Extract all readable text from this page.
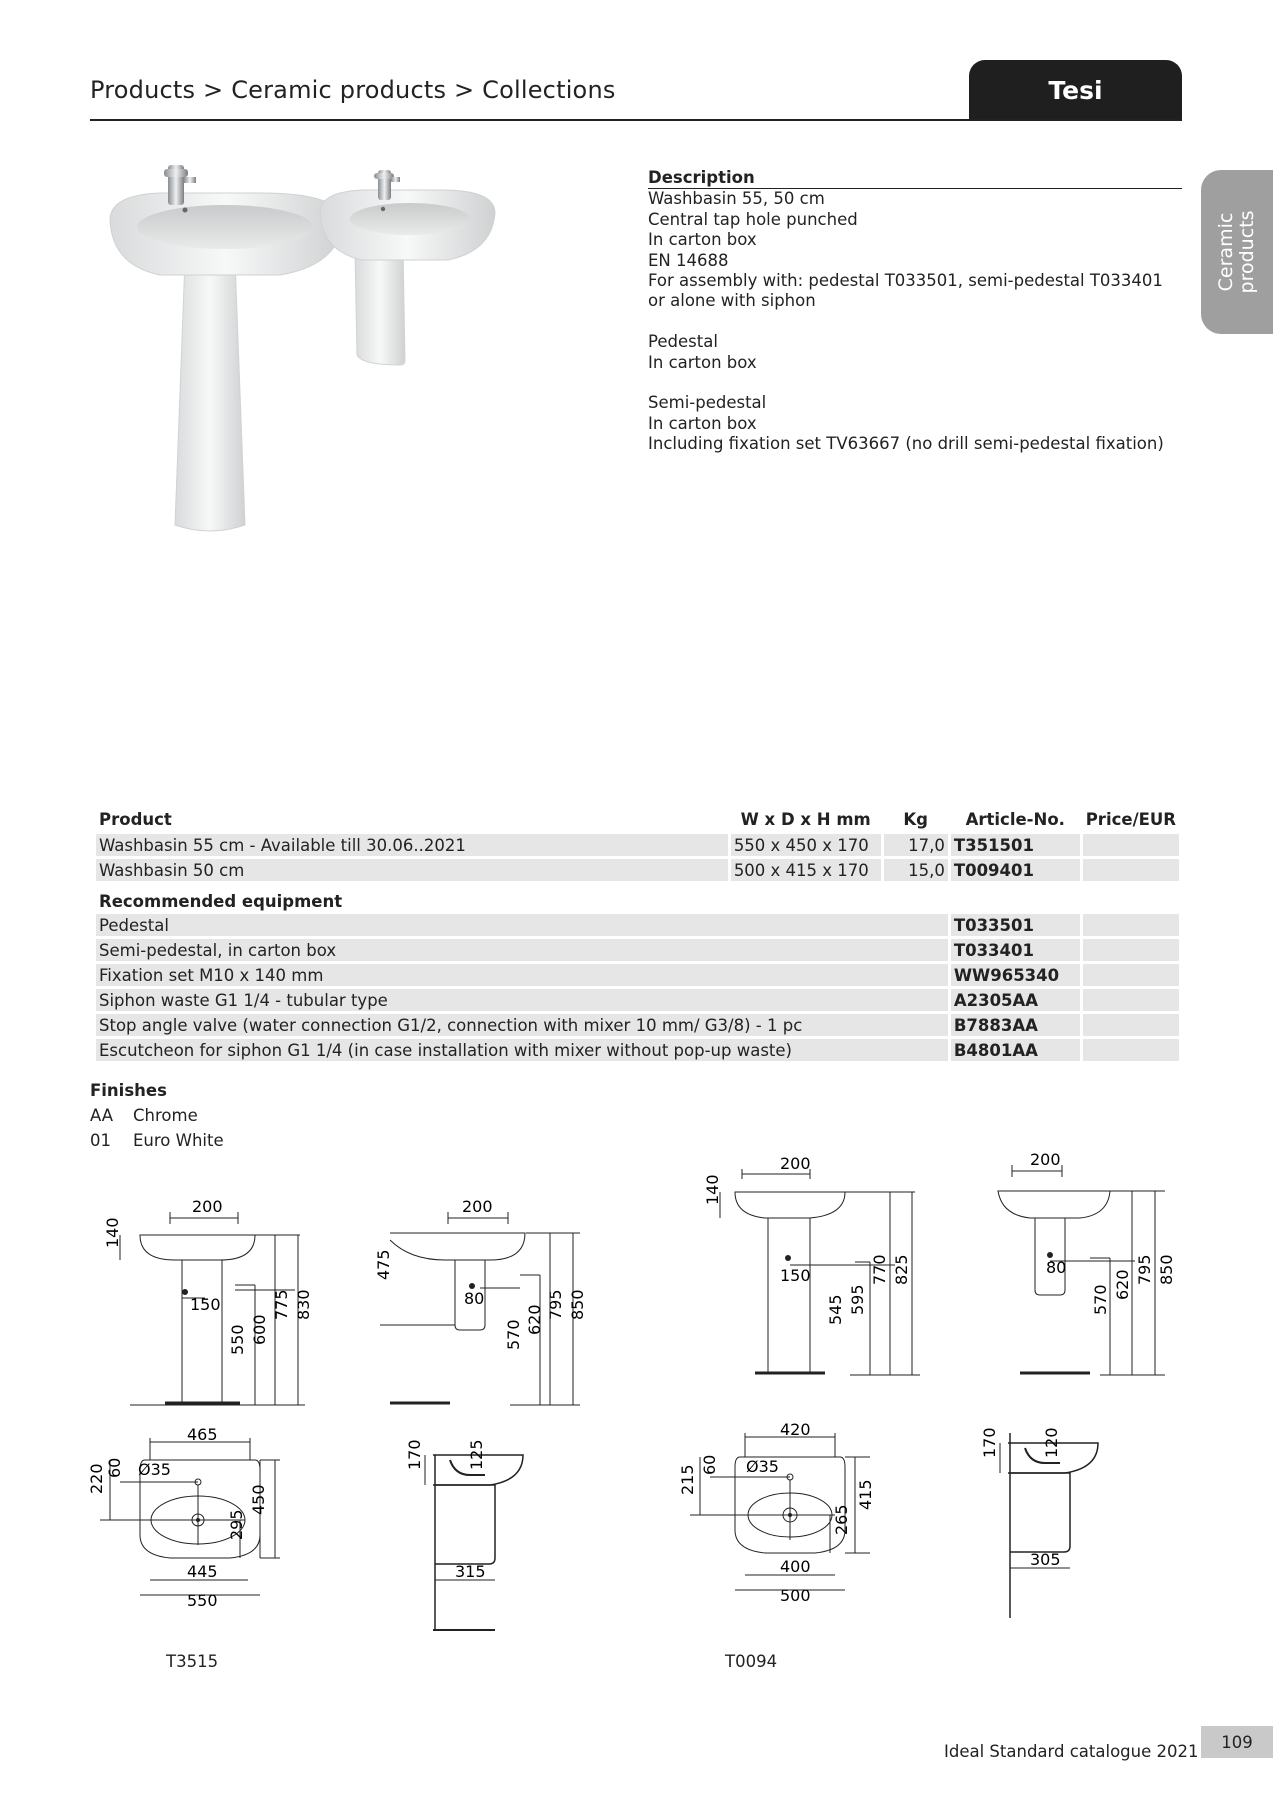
Products > Ceramic products > Collections	Tesi
Ceramic products
Description
Washbasin 55, 50 cm
Central tap hole punched
In carton box
EN 14688
For assembly with: pedestal T033501, semi-pedestal T033401 or alone with siphon
Pedestal
In carton box
Semi-pedestal
In carton box
Including fixation set TV63667 (no drill semi-pedestal fixation)
Product	W x D x H mm	Kg	Article-No.	Price/EUR
Washbasin 55 cm - Available till 30.06..2021	550 x 450 x 170	17,0	T351501	
Washbasin 50 cm	500 x 415 x 170	15,0	T009401	
Recommended equipment				
Pedestal			T033501	
Semi-pedestal, in carton box			T033401	
Fixation set M10 x 140 mm			WW965340	
Siphon waste G1 1/4 - tubular type			A2305AA	
Stop angle valve (water connection G1/2, connection with mixer 10 mm/ G3/8) - 1 pc			B7883AA	
Escutcheon for siphon G1 1/4 (in case installation with mixer without pop-up waste)			B4801AA	
Finishes
AA Chrome
01 Euro White
200
140
150
550 600
775 830
200
475
80
570 620 795 850
200
140
150
545 595
770 825
200
80
570 620 795 850
465
Ø35
60
220
295
450
445
550
170	125
315
420
Ø35
60
215
265
415
400
500
170	120
305
T3515	T0094
Ideal Standard catalogue 2021	109
